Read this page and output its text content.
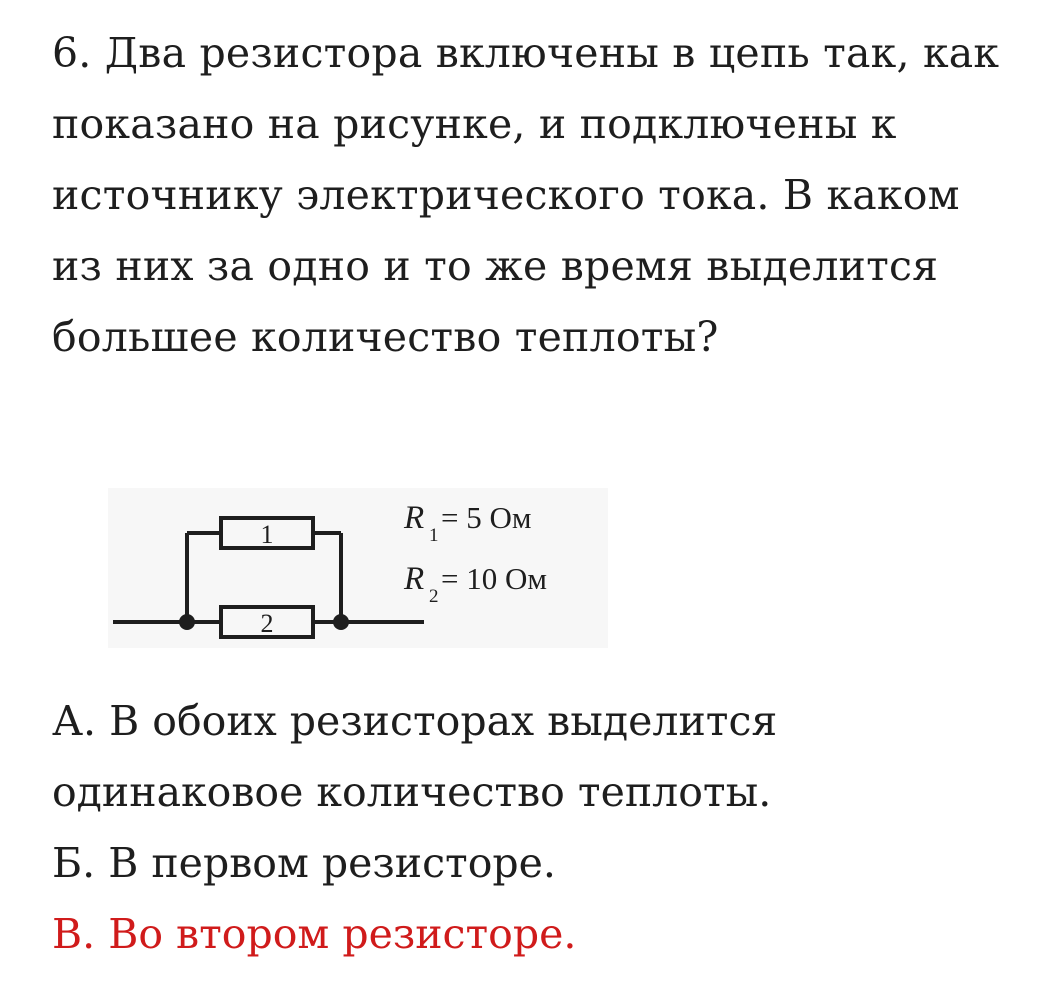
6. Два резистора включены в цепь так, как
показано на рисунке, и подключены к
источнику электрического тока. В каком
из них за одно и то же время выделится
большее количество теплоты?
1
2
R 1
= 5 Ом
R 2
= 10 Ом
А. В обоих резисторах выделится
одинаковое количество теплоты.
Б. В первом резисторе.
В. Во втором резисторе.
